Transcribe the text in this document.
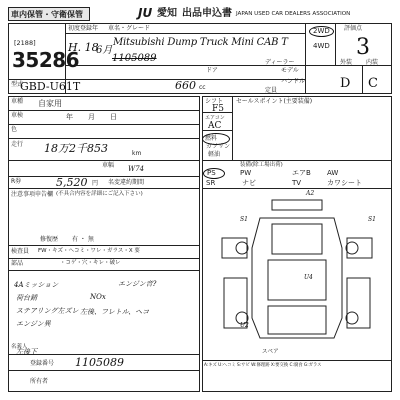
車内保管・守衛保管	JU 愛知 出品申込書 JAPAN USED CAR DEALERS ASSOCIATION
[2188]
35286
初度登録年 車名・グレード
H. 18
6月
Mitsubishi Dump Truck Mini CAB T
1105089
ドア
型式
GBD-U61T	660 cc
2WD
4WD
評価点
3
ディーラー	内装
外装
モデル
ハンドル
定員	D C
車種 自家用
車検	年 月 日
色
走行 18万2千853	km
車幅 W74
R券	5,520 円 名変違約期間
注意事項申告欄 (不具合内容を詳細にご記入下さい)
修復歴 有 ・ 無
検査員 FW・キズ・ヘコミ・ワレ・ガラス・X 要
部品	・コゲ・穴・キレ・破レ
4Aミッション
荷台錆
ステアリング左ズレ
エンジン異
左後下
エンジン音?
NOx
左後、フレトル、ヘコ
登録番号 1105089
所有者
名義人
シフト
F5
エアコン
AC
燃料
ガソリン
軽油
セールスポイント(主要装備)
装備(除工場出荷)
PS	PW	エアB AW
SR	ナビ	TV	カワシート
A2
S1	S1
U4
U2
スペア
A:キズ U:ヘコミ S:サビ W:修理跡 X:要交換 C:腐食 G:ガラス
